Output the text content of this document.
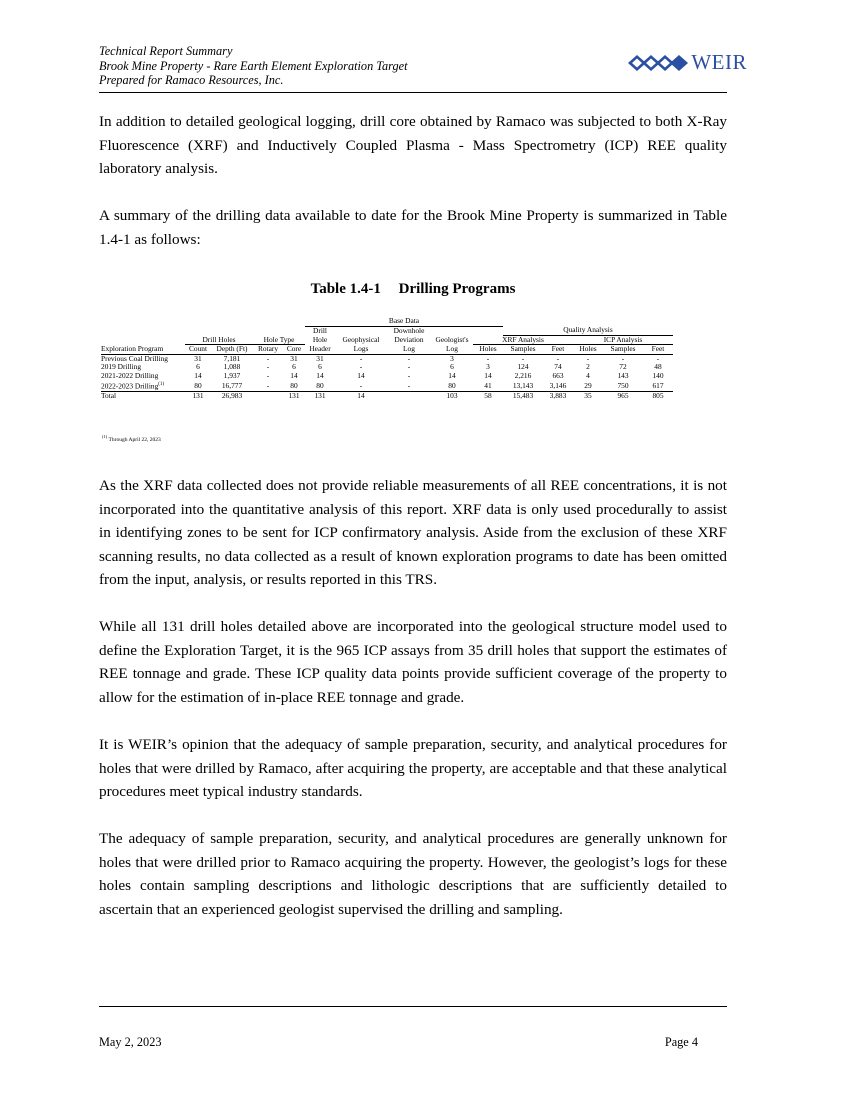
Technical Report Summary
Brook Mine Property - Rare Earth Element Exploration Target
Prepared for Ramaco Resources, Inc.
WEIR
In addition to detailed geological logging, drill core obtained by Ramaco was subjected to both X-Ray Fluorescence (XRF) and Inductively Coupled Plasma - Mass Spectrometry (ICP) REE quality laboratory analysis.
A summary of the drilling data available to date for the Brook Mine Property is summarized in Table 1.4-1 as follows:
Table 1.4-1 Drilling Programs
					Base Data									
					Drill		Downhole			Quality Analysis				
	Drill Holes		Hole Type		Hole	Geophysical	Deviation	Geologist's	XRF Analysis			ICP Analysis		
Exploration Program	Count	Depth (Ft)	Rotary	Core	Header	Logs	Log	Log	Holes	Samples	Feet	Holes	Samples	Feet
Previous Coal Drilling	31	7,181	-	31	31	-	-	3	-	-	-	-	-	-
2019 Drilling	6	1,088	-	6	6	-	-	6	3	124	74	2	72	48
2021-2022 Drilling	14	1,937	-	14	14	14	-	14	14	2,216	663	4	143	140
2022-2023 Drilling$^{(1)}$	80	16,777	-	80	80	-	-	80	41	13,143	3,146	29	750	617
Total	131	26,983		131	131	14		103	58	15,483	3,883	35	965	805
$^{(1)}$ Through April 22, 2023
As the XRF data collected does not provide reliable measurements of all REE concentrations, it is not incorporated into the quantitative analysis of this report. XRF data is only used procedurally to assist in identifying zones to be sent for ICP confirmatory analysis. Aside from the exclusion of these XRF scanning results, no data collected as a result of known exploration programs to date has been omitted from the input, analysis, or results reported in this TRS.
While all 131 drill holes detailed above are incorporated into the geological structure model used to define the Exploration Target, it is the 965 ICP assays from 35 drill holes that support the estimates of REE tonnage and grade. These ICP quality data points provide sufficient coverage of the property to allow for the estimation of in-place REE tonnage and grade.
It is WEIR’s opinion that the adequacy of sample preparation, security, and analytical procedures for holes that were drilled by Ramaco, after acquiring the property, are acceptable and that these analytical procedures meet typical industry standards.
The adequacy of sample preparation, security, and analytical procedures are generally unknown for holes that were drilled prior to Ramaco acquiring the property. However, the geologist’s logs for these holes contain sampling descriptions and lithologic descriptions that are sufficiently detailed to ascertain that an experienced geologist supervised the drilling and sampling.
May 2, 2023	Page 4
